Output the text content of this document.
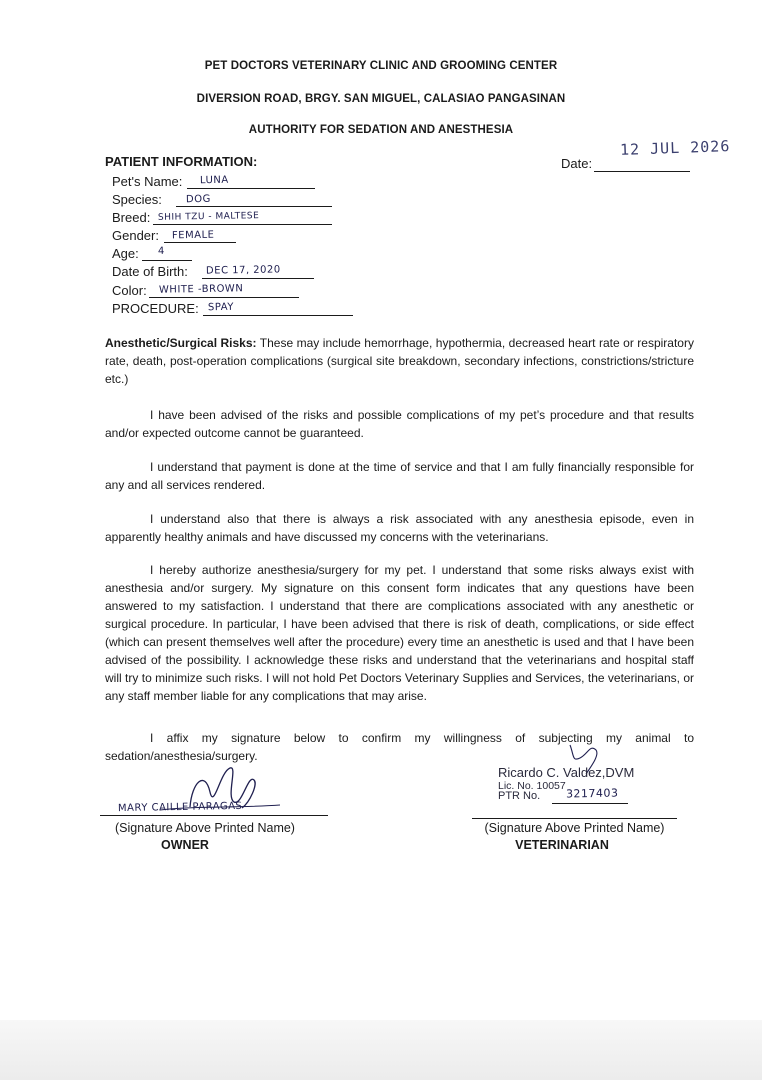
PET DOCTORS VETERINARY CLINIC AND GROOMING CENTER
DIVERSION ROAD, BRGY. SAN MIGUEL, CALASIAO PANGASINAN
AUTHORITY FOR SEDATION AND ANESTHESIA
12 JUL 2026
Date:
PATIENT INFORMATION:
Pet's Name: LUNA
Species: DOG
Breed: SHIH TZU - MALTESE
Gender: FEMALE
Age: 4
Date of Birth: DEC 17, 2020
Color: WHITE -BROWN
PROCEDURE: SPAY
Anesthetic/Surgical Risks: These may include hemorrhage, hypothermia, decreased heart rate or respiratory rate, death, post-operation complications (surgical site breakdown, secondary infections, constrictions/stricture etc.)
I have been advised of the risks and possible complications of my pet’s procedure and that results and/or expected outcome cannot be guaranteed.
I understand that payment is done at the time of service and that I am fully financially responsible for any and all services rendered.
I understand also that there is always a risk associated with any anesthesia episode, even in apparently healthy animals and have discussed my concerns with the veterinarians.
I hereby authorize anesthesia/surgery for my pet. I understand that some risks always exist with anesthesia and/or surgery. My signature on this consent form indicates that any questions have been answered to my satisfaction. I understand that there are complications associated with any anesthetic or surgical procedure. In particular, I have been advised that there is risk of death, complications, or side effect (which can present themselves well after the procedure) every time an anesthetic is used and that I have been advised of the possibility. I acknowledge these risks and understand that the veterinarians and hospital staff will try to minimize such risks. I will not hold Pet Doctors Veterinary Supplies and Services, the veterinarians, or any staff member liable for any complications that may arise.
I affix my signature below to confirm my willingness of subjecting my animal to sedation/anesthesia/surgery.
MARY CAILLE PARAGAS
(Signature Above Printed Name)
OWNER
Ricardo C. Valdez,DVM
Lic. No. 10057
PTR No. 3217403
(Signature Above Printed Name)
VETERINARIAN
